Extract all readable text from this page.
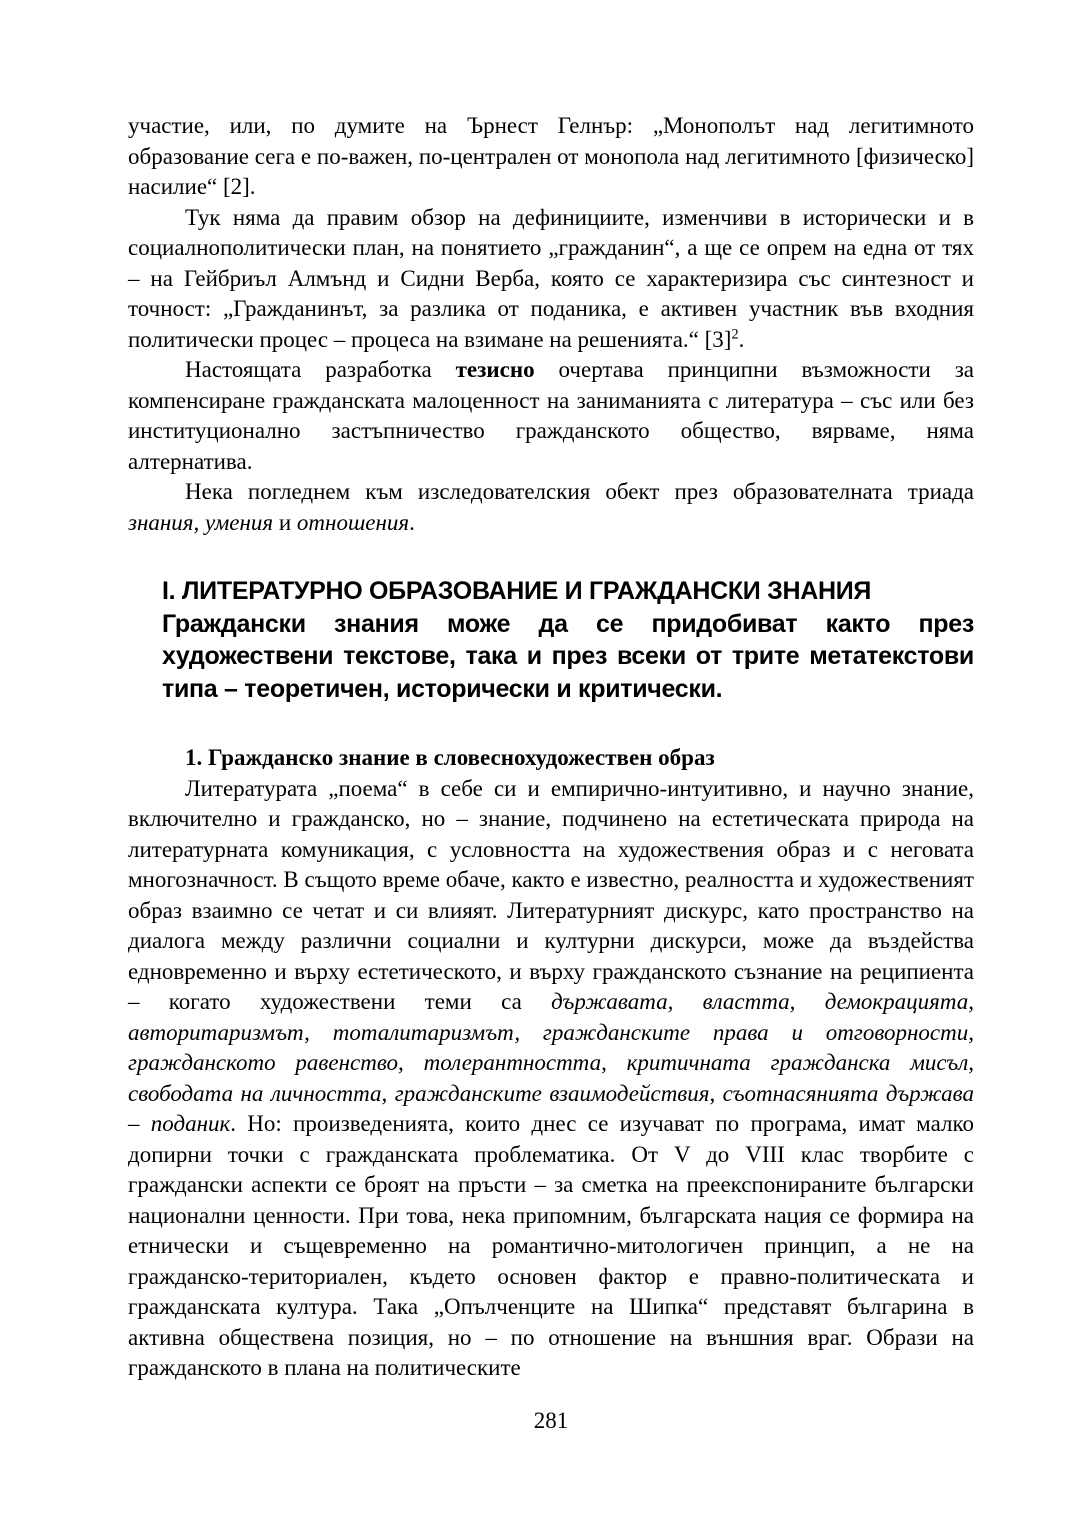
участие, или, по думите на Ърнест Гелнър: „Монополът над легитимното образование сега е по-важен, по-централен от монопола над легитимното [физическо] насилие“ [2].

Тук няма да правим обзор на дефинициите, изменчиви в исторически и в социалнополитически план, на понятието „гражданин“, а ще се опрем на една от тях – на Гейбриъл Алмънд и Сидни Верба, която се характеризира със синтезност и точност: „Гражданинът, за разлика от поданика, е активен участник във входния политически процес – процеса на взимане на решенията.“ $[3]^2$.

Настоящата разработка тезисно очертава принципни възможности за компенсиране гражданската малоценност на заниманията с литература – със или без институционално застъпничество гражданското общество, вярваме, няма алтернатива.

Нека погледнем към изследователския обект през образователната триада знания, умения и отношения.

I. ЛИТЕРАТУРНО ОБРАЗОВАНИЕ И ГРАЖДАНСКИ ЗНАНИЯ

Граждански знания може да се придобиват както през художествени текстове, така и през всеки от трите метатекстови типа – теоретичен, исторически и критически.

1. Гражданско знание в словеснохудожествен образ

Литературата „поема“ в себе си и емпирично-интуитивно, и научно знание, включително и гражданско, но – знание, подчинено на естетическата природа на литературната комуникация, с условността на художествения образ и с неговата многозначност. В същото време обаче, както е известно, реалността и художественият образ взаимно се четат и си влияят. Литературният дискурс, като пространство на диалога между различни социални и културни дискурси, може да въздейства едновременно и върху естетическото, и върху гражданското съзнание на реципиента – когато художествени теми са държавата, властта, демокрацията, авторитаризмът, тоталитаризмът, гражданските права и отговорности, гражданското равенство, толерантността, критичната гражданска мисъл, свободата на личността, гражданските взаимодействия, съотнасянията държава – поданик. Но: произведенията, които днес се изучават по програма, имат малко допирни точки с гражданската проблематика. От V до VIII клас творбите с граждански аспекти се броят на пръсти – за сметка на преекспонираните български национални ценности. При това, нека припомним, българската нация се формира на етнически и същевременно на романтично-митологичен принцип, а не на гражданско-териториален, където основен фактор е правно-политическата и гражданската култура. Така „Опълченците на Шипка“ представят българина в активна обществена позиция, но – по отношение на външния враг. Образи на гражданското в плана на политическите

281
